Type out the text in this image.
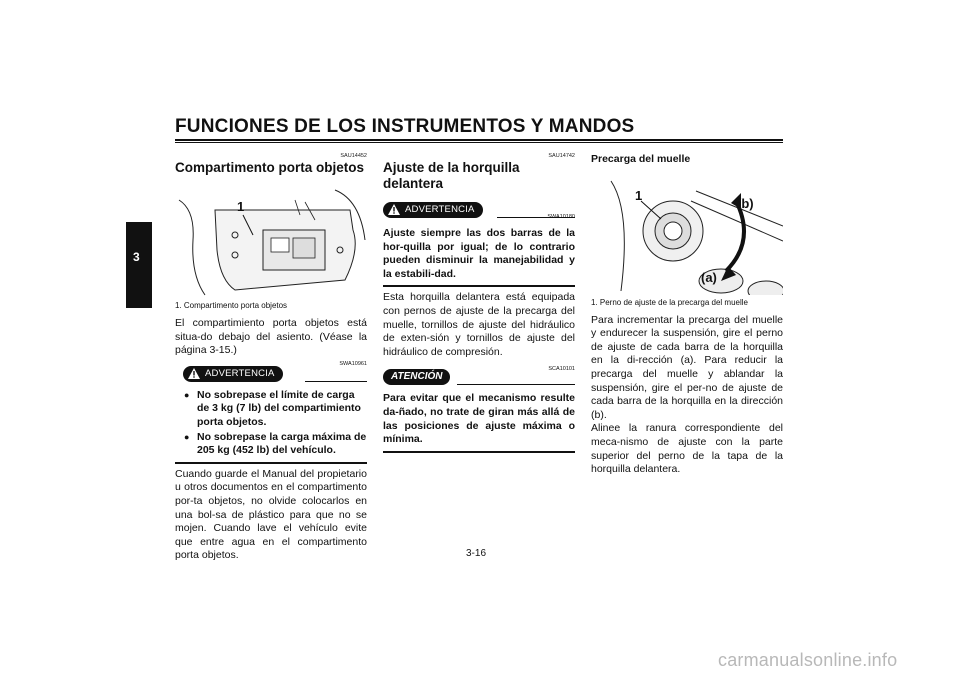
FUNCIONES DE LOS INSTRUMENTOS Y MANDOS
3
SAU14452
Compartimento porta objetos
1
1. Compartimento porta objetos

El compartimiento porta objetos está situa-do debajo del asiento. (Véase la página 3-15.)

ADVERTENCIA
SWA10961
● No sobrepase el límite de carga de 3 kg (7 lb) del compartimiento porta objetos.
● No sobrepase la carga máxima de 205 kg (452 lb) del vehículo.

Cuando guarde el Manual del propietario u otros documentos en el compartimento por-ta objetos, no olvide colocarlos en una bol-sa de plástico para que no se mojen. Cuando lave el vehículo evite que entre agua en el compartimento porta objetos.

SAU14742
Ajuste de la horquilla delantera
ADVERTENCIA
SWA10180

Ajuste siempre las dos barras de la hor-quilla por igual; de lo contrario pueden disminuir la manejabilidad y la estabili-dad.

Esta horquilla delantera está equipada con pernos de ajuste de la precarga del muelle, tornillos de ajuste del hidráulico de exten-sión y tornillos de ajuste del hidráulico de compresión.

ATENCIÓN
SCA10101

Para evitar que el mecanismo resulte da-ñado, no trate de giran más allá de las posiciones de ajuste máxima o mínima.

Precarga del muelle
1
(b)
(a)
1. Perno de ajuste de la precarga del muelle

Para incrementar la precarga del muelle y endurecer la suspensión, gire el perno de ajuste de cada barra de la horquilla en la di-rección (a). Para reducir la precarga del muelle y ablandar la suspensión, gire el per-no de ajuste de cada barra de la horquilla en la dirección (b).

Alinee la ranura correspondiente del meca-nismo de ajuste con la parte superior del perno de la tapa de la horquilla delantera.

3-16
carmanualsonline.info
